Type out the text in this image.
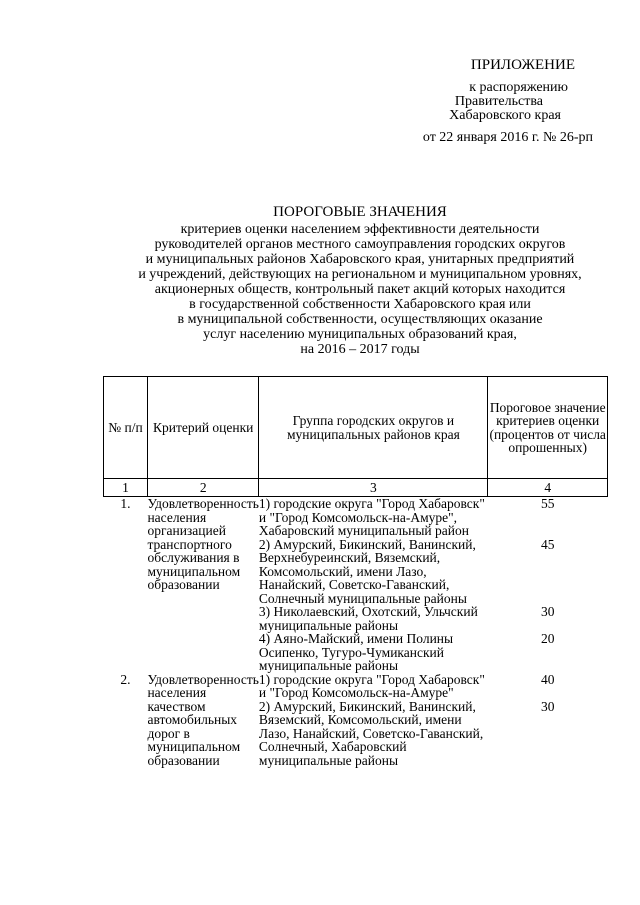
ПРИЛОЖЕНИЕ
к распоряжению
Правительства
Хабаровского края
от 22 января 2016 г. № 26-рп
ПОРОГОВЫЕ ЗНАЧЕНИЯ
критериев оценки населением эффективности деятельности
руководителей органов местного самоуправления городских округов
и муниципальных районов Хабаровского края, унитарных предприятий
и учреждений, действующих на региональном и муниципальном уровнях,
акционерных обществ, контрольный пакет акций которых находится
в государственной собственности Хабаровского края или
в муниципальной собственности, осуществляющих оказание
услуг населению муниципальных образований края,
на 2016 – 2017 годы
№ п/п	Критерий оценки	Группа городских округов и муниципальных районов края	Пороговое значение критериев оценки (процентов от числа опрошенных)
1	2	3	4
1.	Удовлетворенность населения организацией транспортного обслуживания в муниципальном образовании	1) городские округа "Город Хабаровск" и "Город Комсомольск-на-Амуре", Хабаровский муниципальный район	55
		2) Амурский, Бикинский, Ванинский, Верхнебуреинский, Вяземский, Комсомольский, имени Лазо, Нанайский, Советско-Гаванский, Солнечный муниципальные районы	45
		3) Николаевский, Охотский, Ульчский муниципальные районы	30
		4) Аяно-Майский, имени Полины Осипенко, Тугуро-Чумиканский муниципальные районы	20
2.	Удовлетворенность населения качеством автомобильных дорог в муниципальном образовании	1) городские округа "Город Хабаровск" и "Город Комсомольск-на-Амуре"	40
		2) Амурский, Бикинский, Ванинский, Вяземский, Комсомольский, имени Лазо, Нанайский, Советско-Гаванский, Солнечный, Хабаровский муниципальные районы	30
